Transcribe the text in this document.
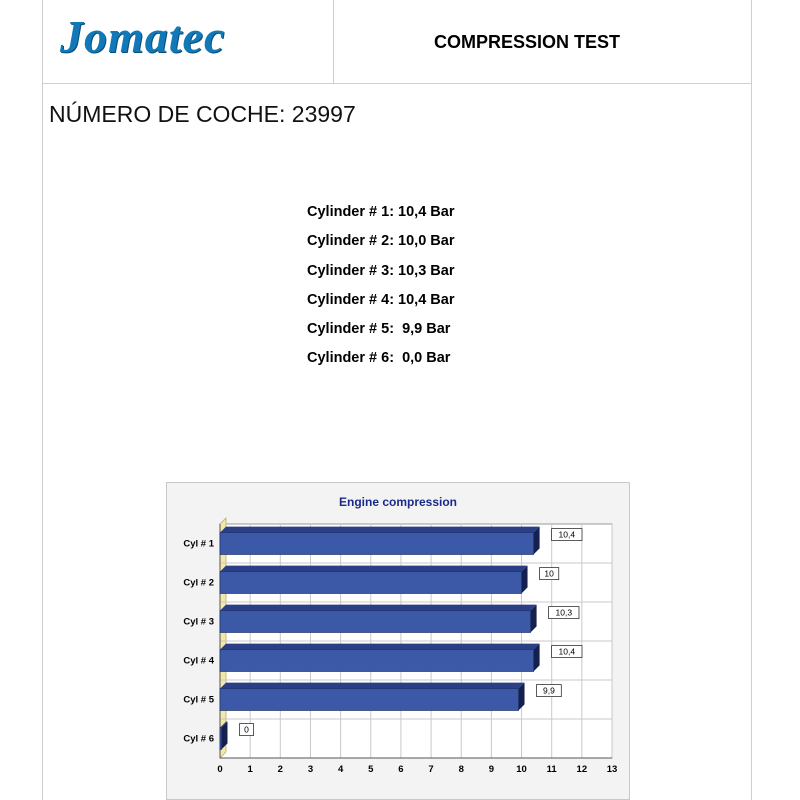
Jomatec	COMPRESSION TEST
NÚMERO DE COCHE: 23997
Cylinder # 1: 10,4 Bar
Cylinder # 2: 10,0 Bar
Cylinder # 3: 10,3 Bar
Cylinder # 4: 10,4 Bar
Cylinder # 5:  9,9 Bar
Cylinder # 6:  0,0 Bar
Engine compression
0	1	2	3	4	5	6	7	8	9 10 11 12 13
Cyl # 1
10,4
Cyl # 2
10
Cyl # 3
10,3
Cyl # 4
10,4
Cyl # 5
9,9
Cyl # 6
0
